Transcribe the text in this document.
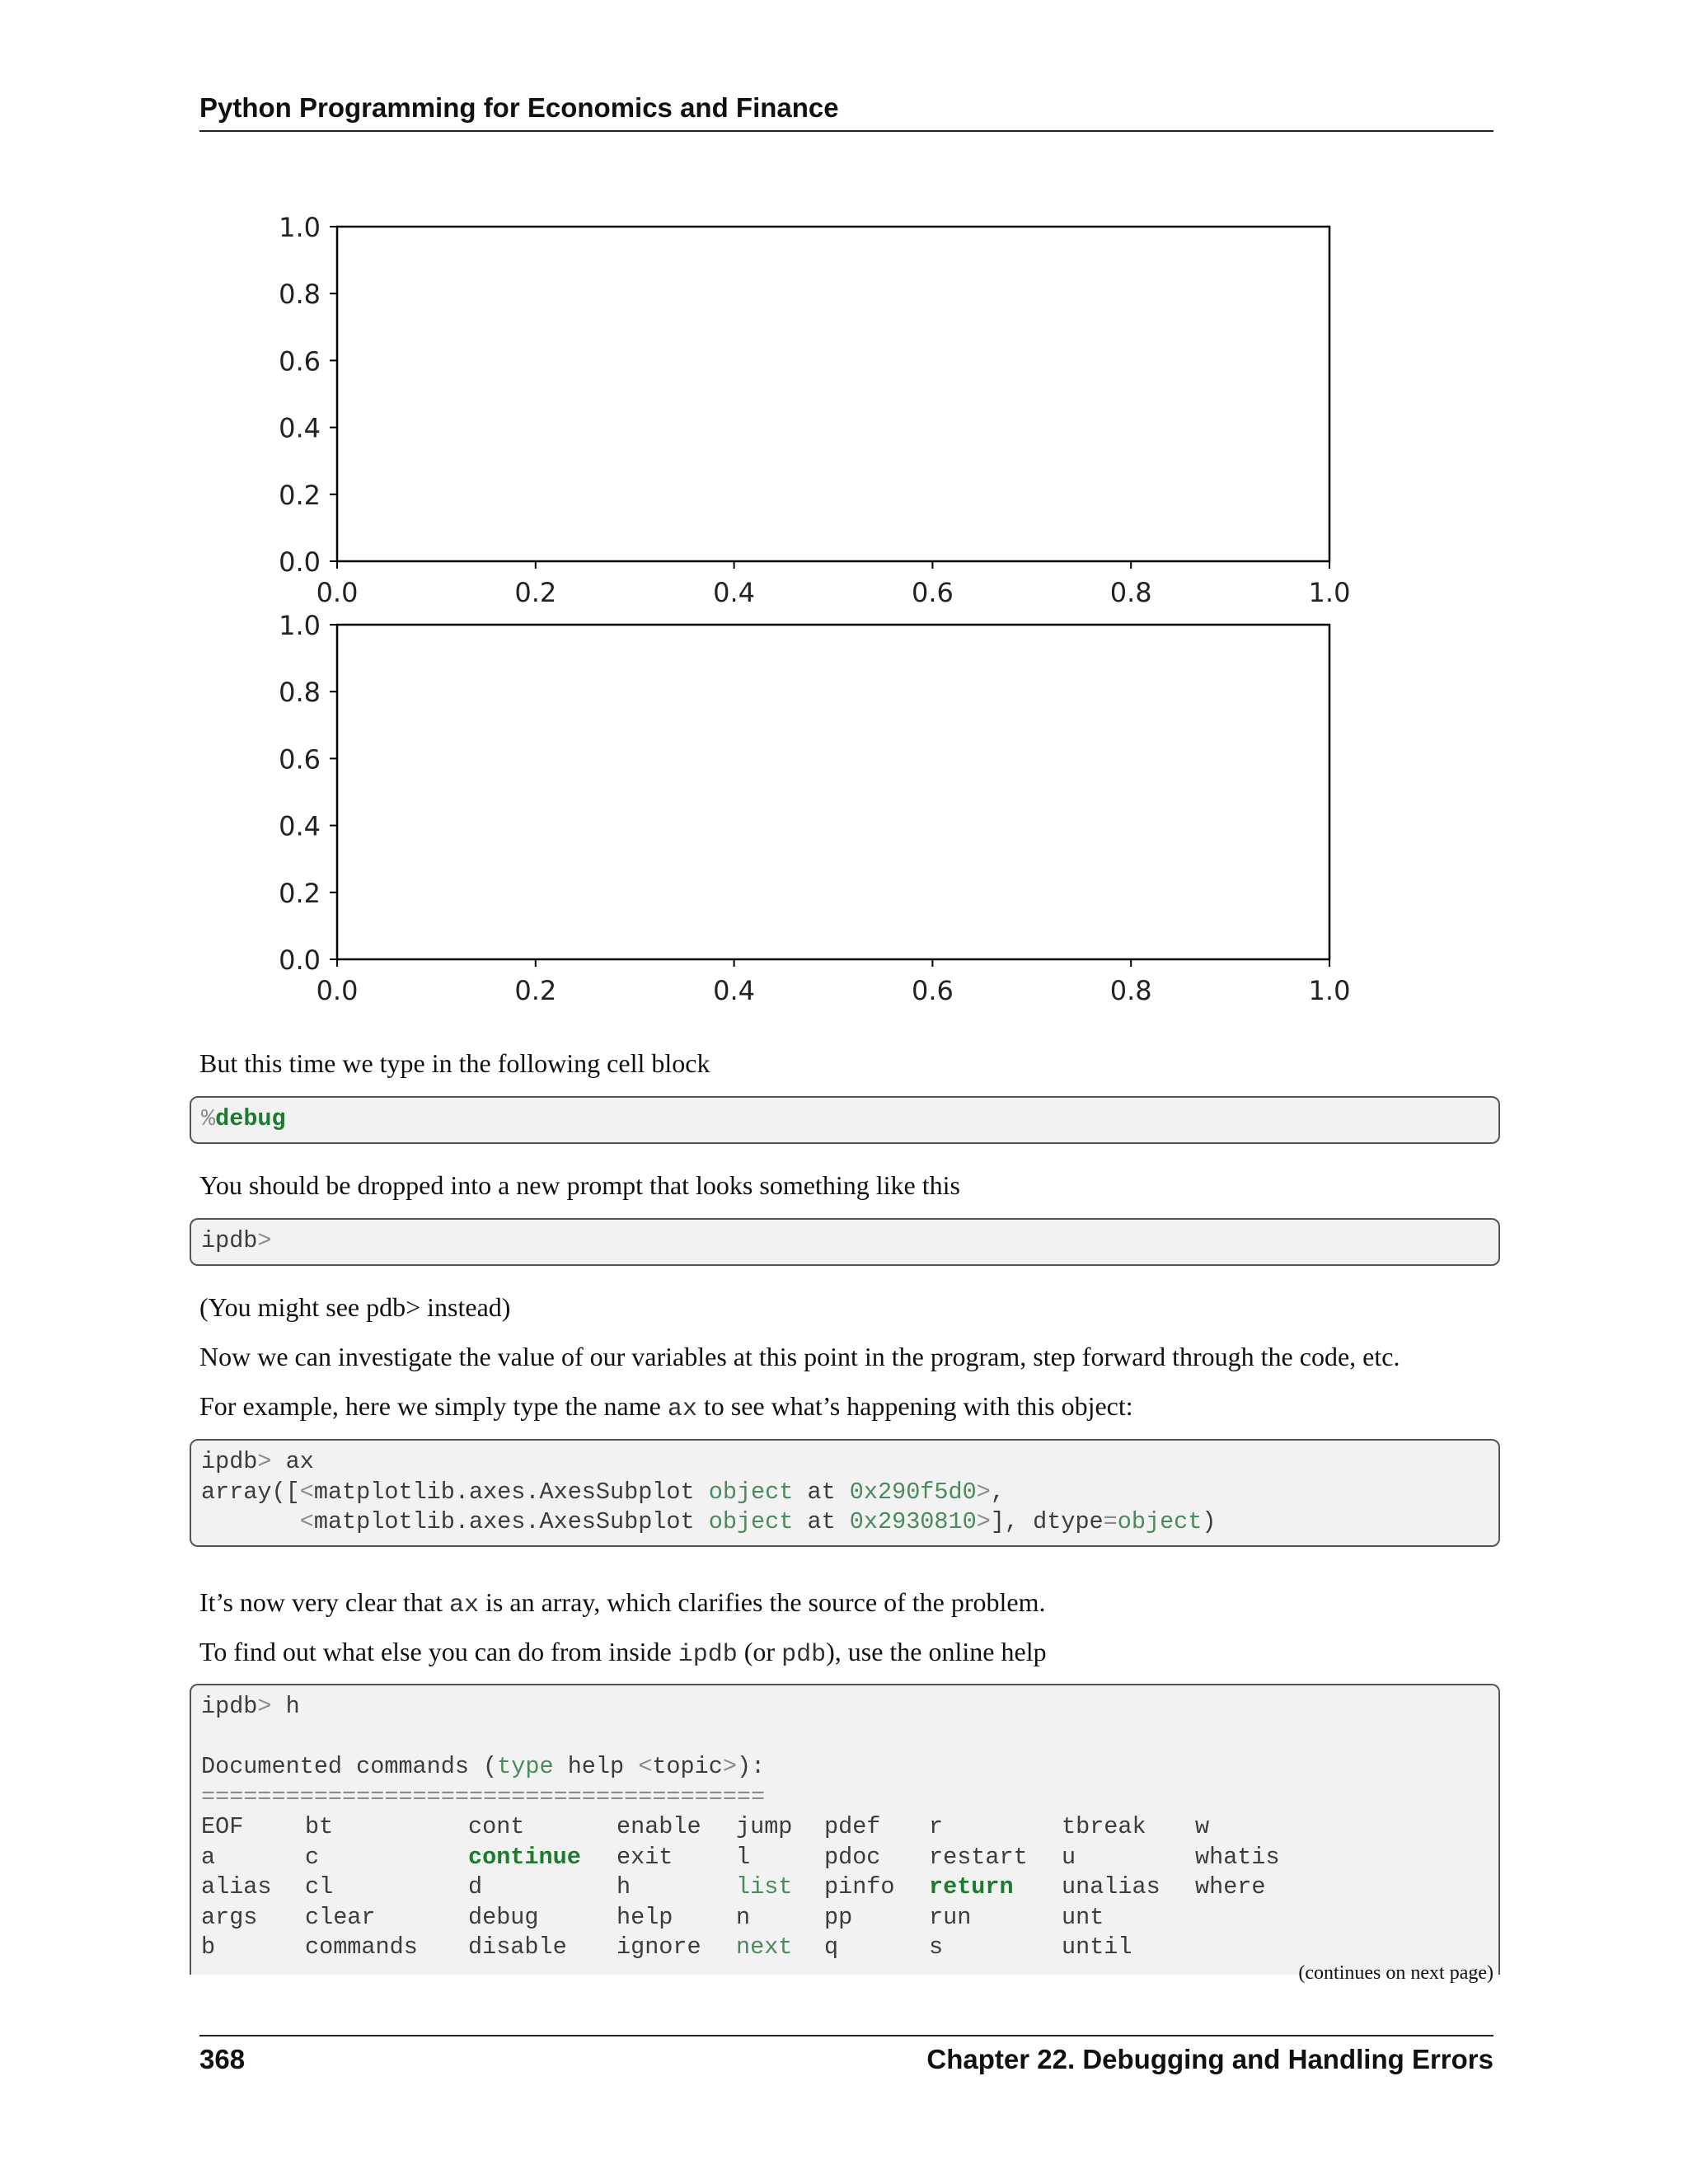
Python Programming for Economics and Finance
0.0	0.2	0.4	0.6	0.8	1.0
0.0
0.2
0.4
0.6
0.8
1.0
0.0	0.2	0.4	0.6	0.8	1.0
0.0
0.2
0.4
0.6
0.8
1.0
But this time we type in the following cell block
%debug
You should be dropped into a new prompt that looks something like this
ipdb>
(You might see pdb> instead)
Now we can investigate the value of our variables at this point in the program, step forward through the code, etc.
For example, here we simply type the name ax to see what’s happening with this object:
ipdb> ax
array([<matplotlib.axes.AxesSubplot object at 0x290f5d0>,
<matplotlib.axes.AxesSubplot object at 0x2930810>], dtype=object)
It’s now very clear that ax is an array, which clarifies the source of the problem.
To find out what else you can do from inside ipdb (or pdb), use the online help
ipdb> h

Documented commands (type help <topic>):
========================================

EOF	bt	cont	enable	jump	pdef	r	tbreak	w
a	c	continue	exit	l	pdoc	restart	u	whatis
alias	cl	d	h	list	pinfo	return	unalias	where
args	clear	debug	help	n	pp	run	unt
b	commands	disable	ignore	next	q	s	until
(continues on next page)
368	Chapter 22. Debugging and Handling Errors
